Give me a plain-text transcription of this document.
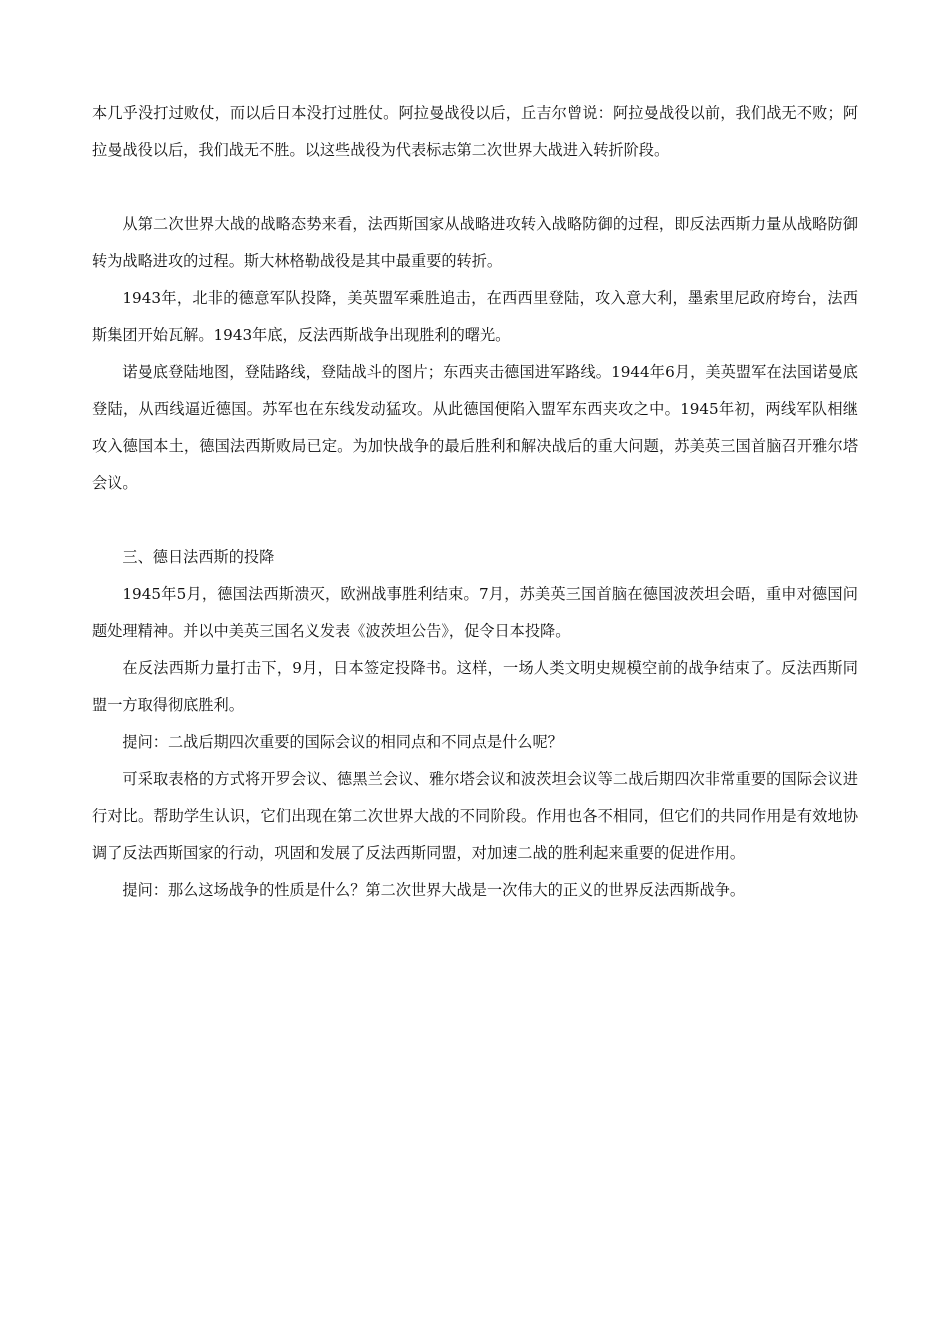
本几乎没打过败仗，而以后日本没打过胜仗。阿拉曼战役以后，丘吉尔曾说：阿拉曼战役以前，我们战无不败；阿拉曼战役以后，我们战无不胜。以这些战役为代表标志第二次世界大战进入转折阶段。

从第二次世界大战的战略态势来看，法西斯国家从战略进攻转入战略防御的过程，即反法西斯力量从战略防御转为战略进攻的过程。斯大林格勒战役是其中最重要的转折。

1943年，北非的德意军队投降，美英盟军乘胜追击，在西西里登陆，攻入意大利，墨索里尼政府垮台，法西斯集团开始瓦解。1943年底，反法西斯战争出现胜利的曙光。

诺曼底登陆地图，登陆路线，登陆战斗的图片；东西夹击德国进军路线。1944年6月，美英盟军在法国诺曼底登陆，从西线逼近德国。苏军也在东线发动猛攻。从此德国便陷入盟军东西夹攻之中。1945年初，两线军队相继攻入德国本土，德国法西斯败局已定。为加快战争的最后胜利和解决战后的重大问题，苏美英三国首脑召开雅尔塔会议。

三、德日法西斯的投降

1945年5月，德国法西斯溃灭，欧洲战事胜利结束。7月，苏美英三国首脑在德国波茨坦会晤，重申对德国问题处理精神。并以中美英三国名义发表《波茨坦公告》，促令日本投降。

在反法西斯力量打击下，9月，日本签定投降书。这样，一场人类文明史规模空前的战争结束了。反法西斯同盟一方取得彻底胜利。

提问：二战后期四次重要的国际会议的相同点和不同点是什么呢？

可采取表格的方式将开罗会议、德黑兰会议、雅尔塔会议和波茨坦会议等二战后期四次非常重要的国际会议进行对比。帮助学生认识，它们出现在第二次世界大战的不同阶段。作用也各不相同，但它们的共同作用是有效地协调了反法西斯国家的行动，巩固和发展了反法西斯同盟，对加速二战的胜利起来重要的促进作用。

提问：那么这场战争的性质是什么？第二次世界大战是一次伟大的正义的世界反法西斯战争。
